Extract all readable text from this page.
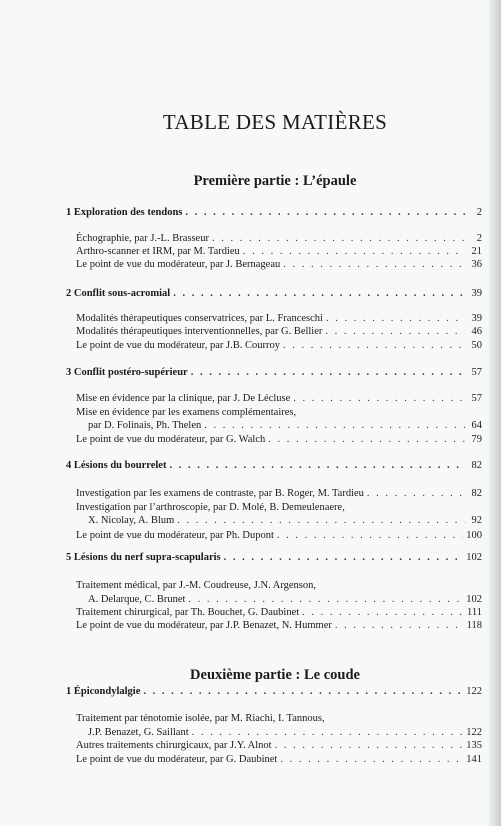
TABLE DES MATIÈRES
Première partie : L’épaule
1 Exploration des tendons . . .	2
Échographie, par J.-L. Brasseur . . .	2
Arthro-scanner et IRM, par M. Tardieu . . .	21
Le point de vue du modérateur, par J. Bernageau . . .	36
2 Conflit sous-acromial . . .	39
Modalités thérapeutiques conservatrices, par L. Franceschi . . .	39
Modalités thérapeutiques interventionnelles, par G. Bellier . . .	46
Le point de vue du modérateur, par J.B. Courroy . . .	50
3 Conflit postéro-supérieur . . .	57
Mise en évidence par la clinique, par J. De Lécluse . . .	57
Mise en évidence par les examens complémentaires,
par D. Folinais, Ph. Thelen . . .	64
Le point de vue du modérateur, par G. Walch . . .	79
4 Lésions du bourrelet . . .	82
Investigation par les examens de contraste, par B. Roger, M. Tardieu . . .	82
Investigation par l’arthroscopie, par D. Molé, B. Demeulenaere,
X. Nicolay, A. Blum . . .	92
Le point de vue du modérateur, par Ph. Dupont . . .	100
5 Lésions du nerf supra-scapularis . . .	102
Traitement médical, par J.-M. Coudreuse, J.N. Argenson,
A. Delarque, C. Brunet . . .	102
Traitement chirurgical, par Th. Bouchet, G. Daubinet . . .	111
Le point de vue du modérateur, par J.P. Benazet, N. Hummer . . .	118
Deuxième partie : Le coude
1 Épicondylalgie . . .	122
Traitement par ténotomie isolée, par M. Riachi, I. Tannous,
J.P. Benazet, G. Saillant . . .	122
Autres traitements chirurgicaux, par J.Y. Alnot . . .	135
Le point de vue du modérateur, par G. Daubinet . . .	141
